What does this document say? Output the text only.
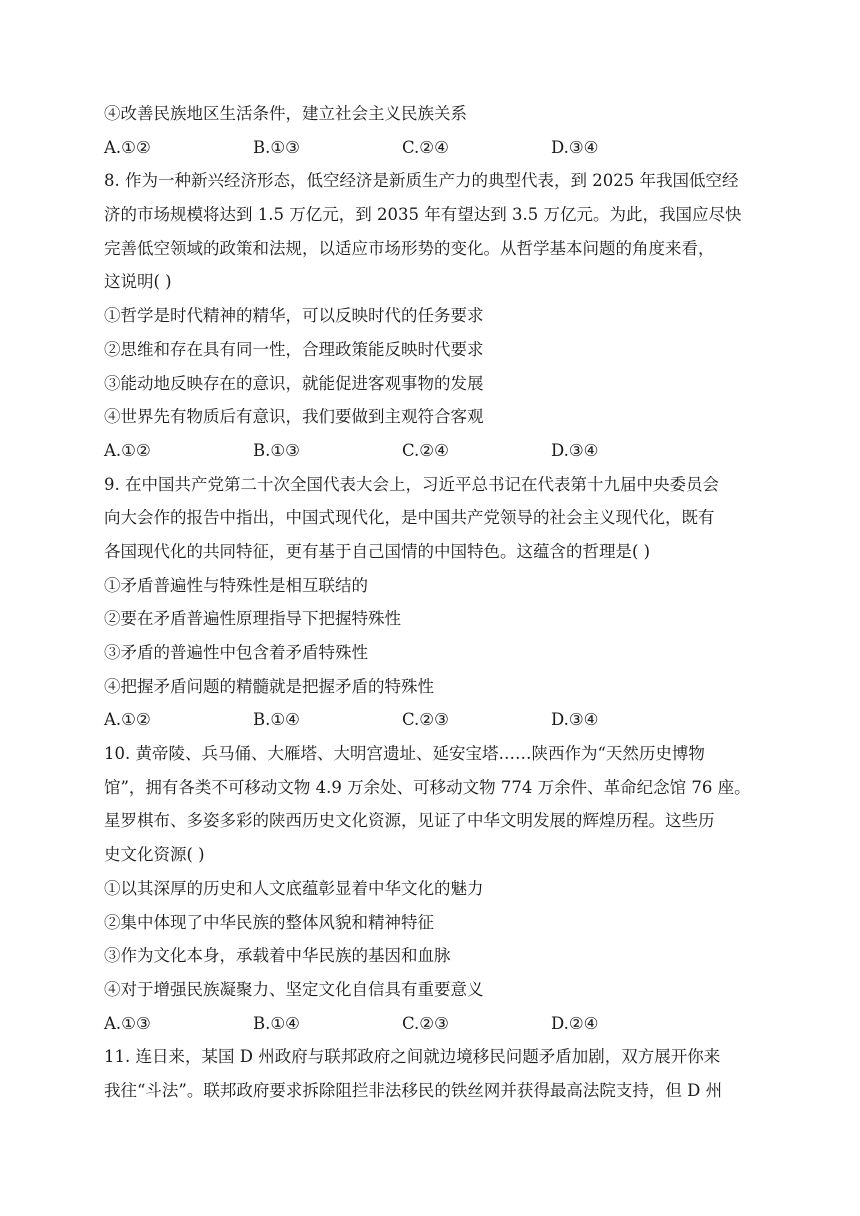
④改善民族地区生活条件，建立社会主义民族关系
A.①②	B.①③	C.②④	D.③④
8. 作为一种新兴经济形态，低空经济是新质生产力的典型代表，到 2025 年我国低空经
济的市场规模将达到 1.5 万亿元，到 2035 年有望达到 3.5 万亿元。为此，我国应尽快
完善低空领域的政策和法规，以适应市场形势的变化。从哲学基本问题的角度来看，
这说明( )
①哲学是时代精神的精华，可以反映时代的任务要求
②思维和存在具有同一性，合理政策能反映时代要求
③能动地反映存在的意识，就能促进客观事物的发展
④世界先有物质后有意识，我们要做到主观符合客观
A.①②	B.①③	C.②④	D.③④
9. 在中国共产党第二十次全国代表大会上，习近平总书记在代表第十九届中央委员会
向大会作的报告中指出，中国式现代化，是中国共产党领导的社会主义现代化，既有
各国现代化的共同特征，更有基于自己国情的中国特色。这蕴含的哲理是( )
①矛盾普遍性与特殊性是相互联结的
②要在矛盾普遍性原理指导下把握特殊性
③矛盾的普遍性中包含着矛盾特殊性
④把握矛盾问题的精髓就是把握矛盾的特殊性
A.①②	B.①④	C.②③	D.③④
10. 黄帝陵、兵马俑、大雁塔、大明宫遗址、延安宝塔……陕西作为“天然历史博物
馆”，拥有各类不可移动文物 4.9 万余处、可移动文物 774 万余件、革命纪念馆 76 座。
星罗棋布、多姿多彩的陕西历史文化资源，见证了中华文明发展的辉煌历程。这些历
史文化资源( )
①以其深厚的历史和人文底蕴彰显着中华文化的魅力
②集中体现了中华民族的整体风貌和精神特征
③作为文化本身，承载着中华民族的基因和血脉
④对于增强民族凝聚力、坚定文化自信具有重要意义
A.①③	B.①④	C.②③	D.②④
11. 连日来，某国 D 州政府与联邦政府之间就边境移民问题矛盾加剧，双方展开你来
我往“斗法”。联邦政府要求拆除阻拦非法移民的铁丝网并获得最高法院支持，但 D 州
